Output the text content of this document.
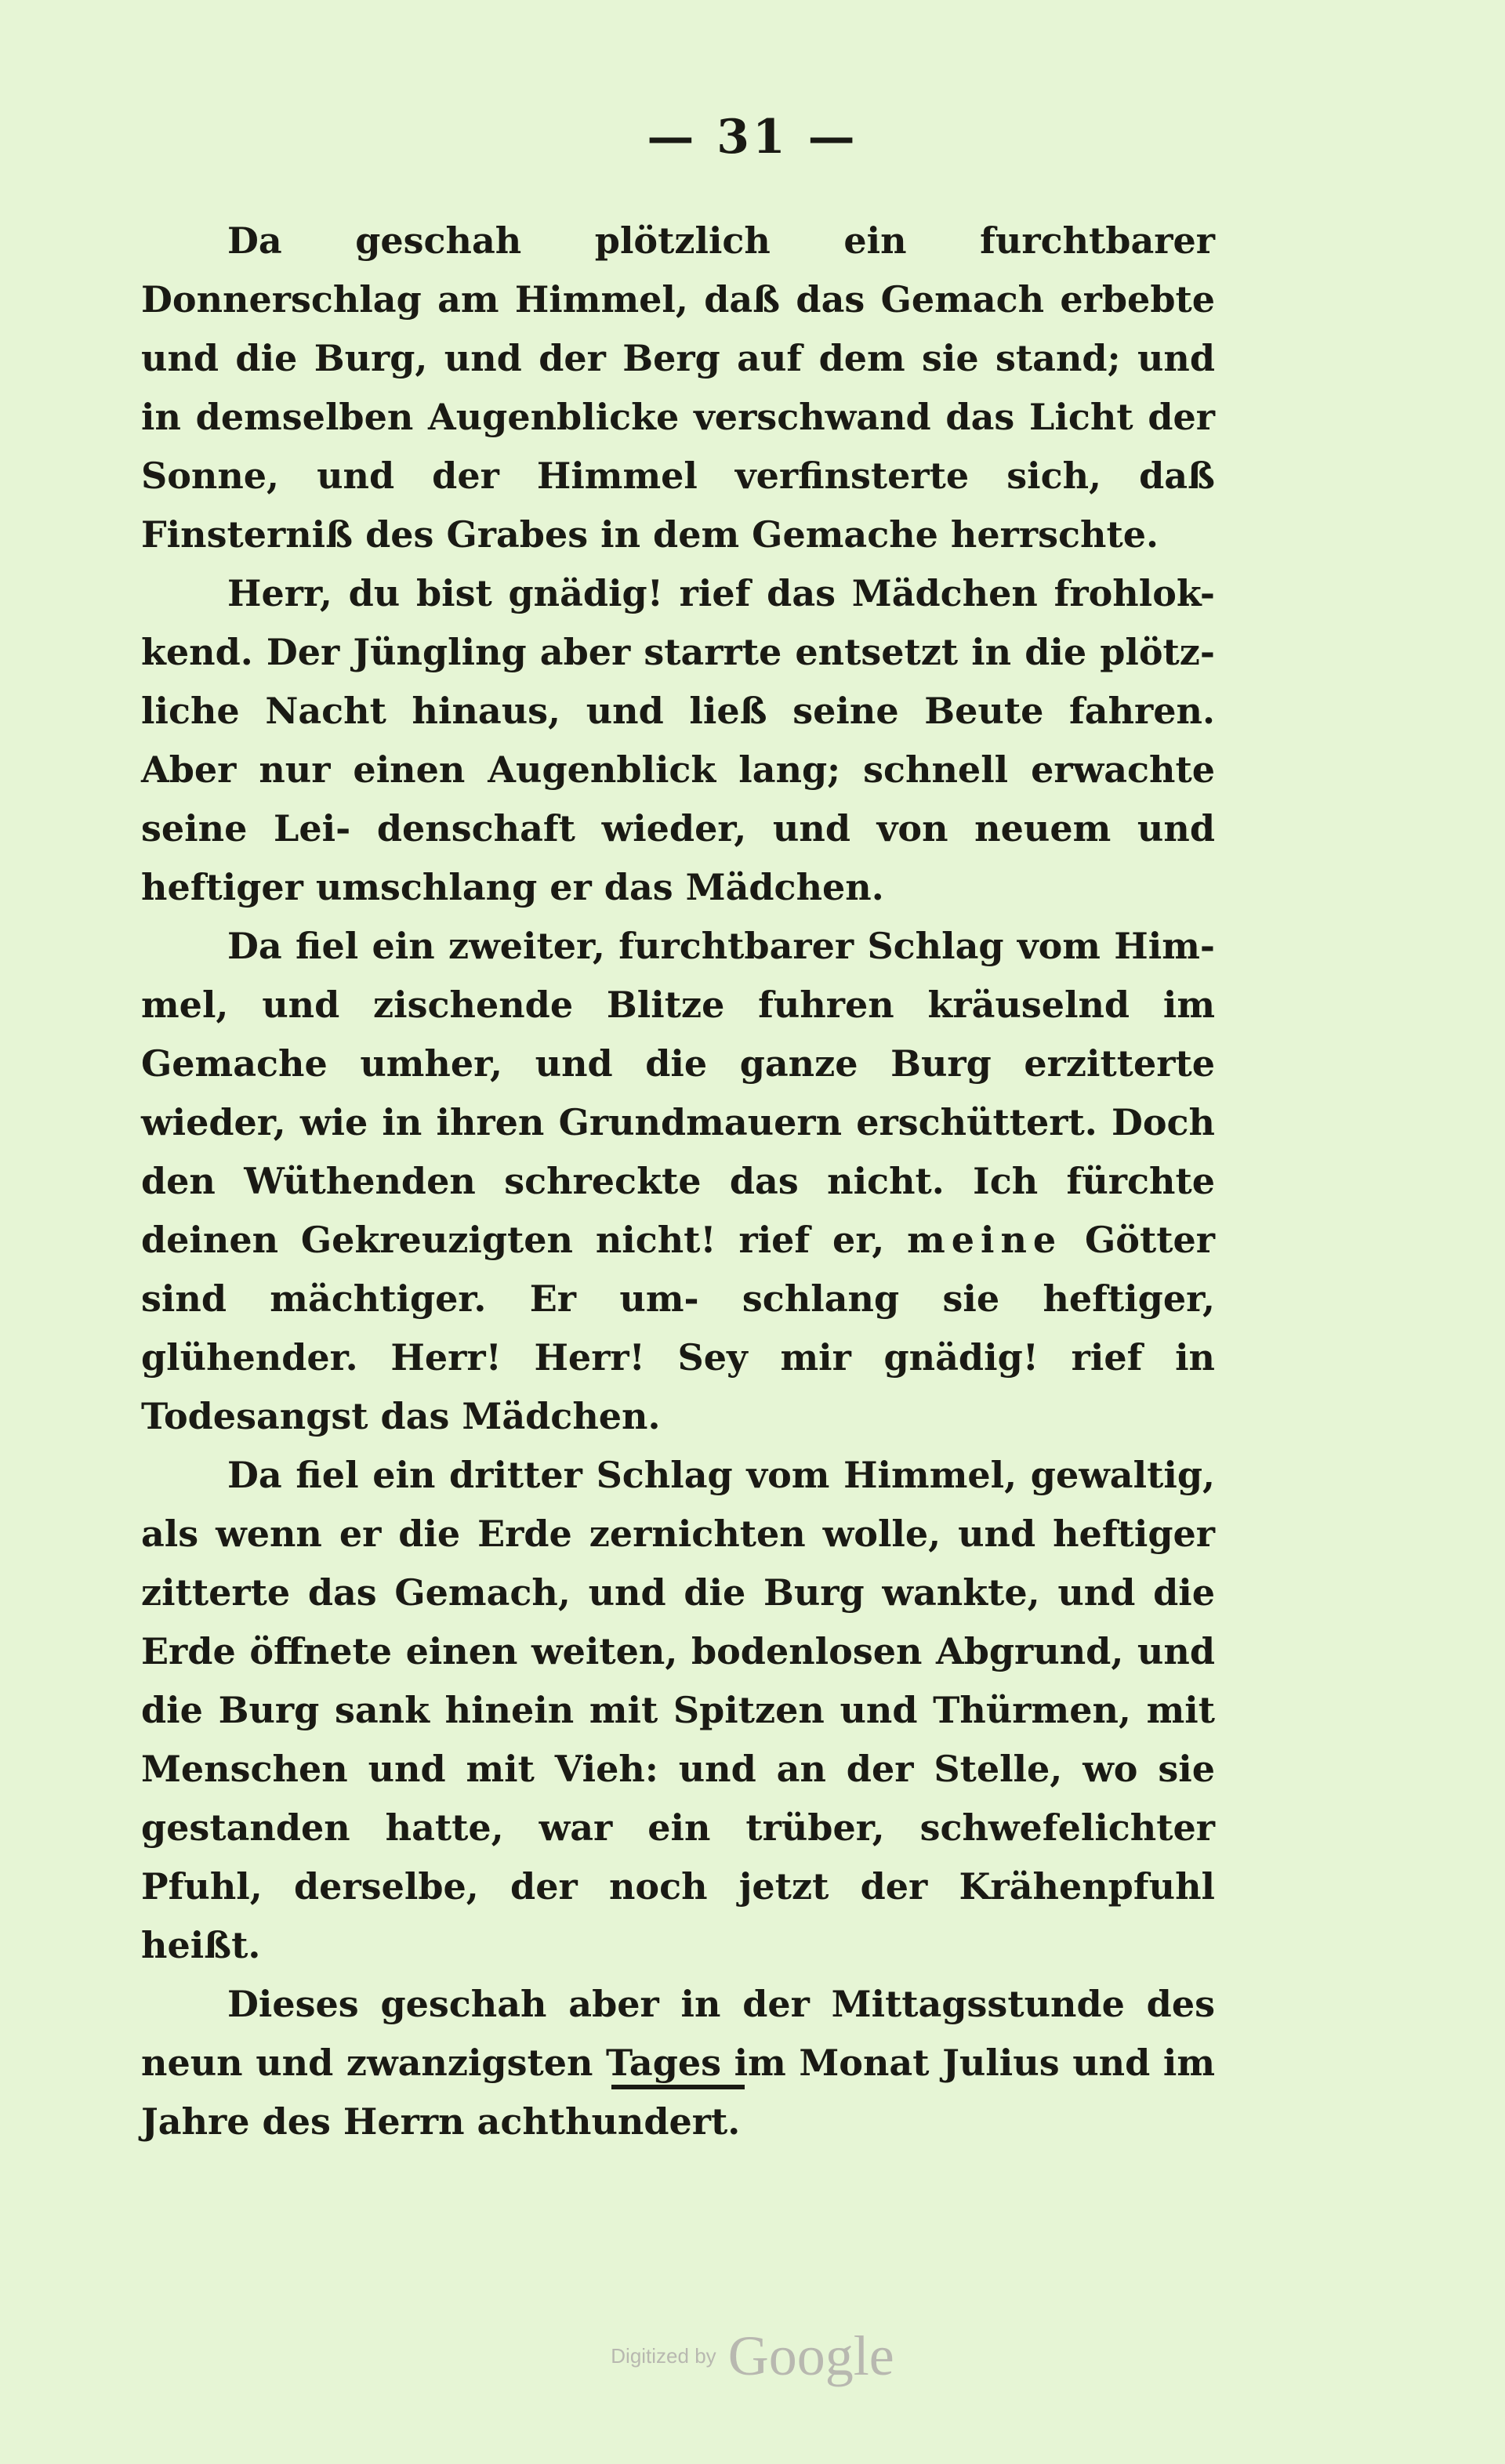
— 31 —

Da geschah plötzlich ein furchtbarer Donnerschlag am Himmel, daß das Gemach erbebte und die Burg, und der Berg auf dem sie stand; und in demselben Augenblicke verschwand das Licht der Sonne, und der Himmel verfinsterte sich, daß Finsterniß des Grabes in dem Gemache herrschte.

Herr, du bist gnädig! rief das Mädchen frohlok- kend. Der Jüngling aber starrte entsetzt in die plötz- liche Nacht hinaus, und ließ seine Beute fahren. Aber nur einen Augenblick lang; schnell erwachte seine Lei- denschaft wieder, und von neuem und heftiger umschlang er das Mädchen.

Da fiel ein zweiter, furchtbarer Schlag vom Him- mel, und zischende Blitze fuhren kräuselnd im Gemache umher, und die ganze Burg erzitterte wieder, wie in ihren Grundmauern erschüttert. Doch den Wüthenden schreckte das nicht. Ich fürchte deinen Gekreuzigten nicht! rief er, meine Götter sind mächtiger. Er um- schlang sie heftiger, glühender. Herr! Herr! Sey mir gnädig! rief in Todesangst das Mädchen.

Da fiel ein dritter Schlag vom Himmel, gewaltig, als wenn er die Erde zernichten wolle, und heftiger zitterte das Gemach, und die Burg wankte, und die Erde öffnete einen weiten, bodenlosen Abgrund, und die Burg sank hinein mit Spitzen und Thürmen, mit Menschen und mit Vieh: und an der Stelle, wo sie gestanden hatte, war ein trüber, schwefelichter Pfuhl, derselbe, der noch jetzt der Krähenpfuhl heißt.

Dieses geschah aber in der Mittagsstunde des neun und zwanzigsten Tages im Monat Julius und im Jahre des Herrn achthundert.

Digitized by Google
